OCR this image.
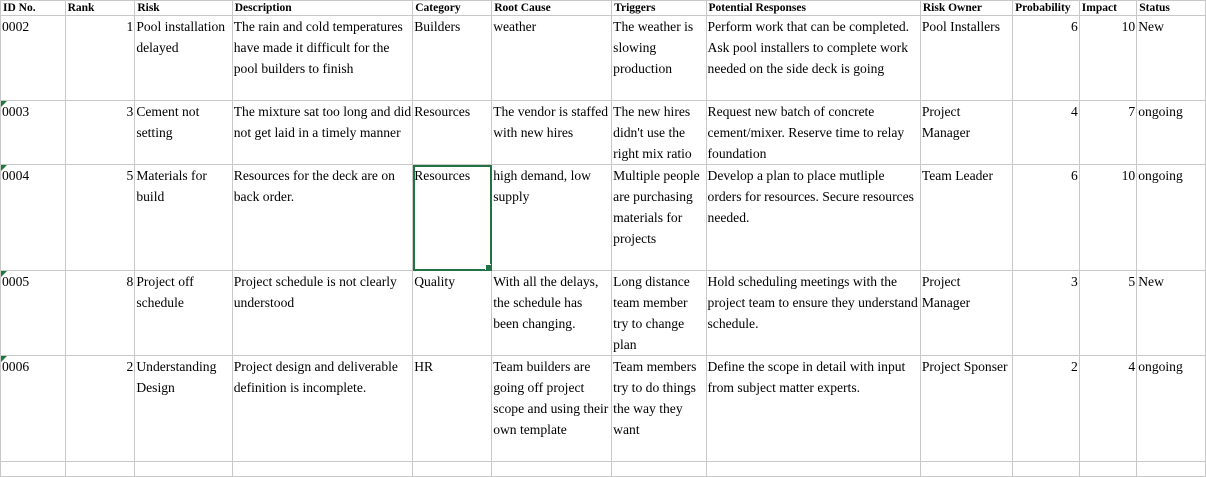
ID No.	Rank	Risk	Description	Category	Root Cause	Triggers	Potential Responses	Risk Owner	Probability	Impact	Status
0002	1	Pool installation delayed	The rain and cold temperatures have made it difficult for the pool builders to finish	Builders	weather	The weather is slowing production	Perform work that can be completed. Ask pool installers to complete work needed on the side deck is going	Pool Installers	6	10	New

0003	3	Cement not setting	The mixture sat too long and did not get laid in a timely manner	Resources	The vendor is staffed with new hires	The new hires didn't use the right mix ratio	Request new batch of concrete cement/mixer. Reserve time to relay foundation	Project Manager	4	7	ongoing

0004	5	Materials for build	Resources for the deck are on back order.	Resources	high demand, low supply	Multiple people are purchasing materials for projects	Develop a plan to place mutliple orders for resources. Secure resources needed.	Team Leader	6	10	ongoing

0005	8	Project off schedule	Project schedule is not clearly understood	Quality	With all the delays, the schedule has been changing.	Long distance team member try to change plan	Hold scheduling meetings with the project team to ensure they understand schedule.	Project Manager	3	5	New

0006	2	Understanding Design	Project design and deliverable definition is incomplete.	HR	Team builders are going off project scope and using their own template	Team members try to do things the way they want	Define the scope in detail with input from subject matter experts.	Project Sponser	2	4	ongoing
